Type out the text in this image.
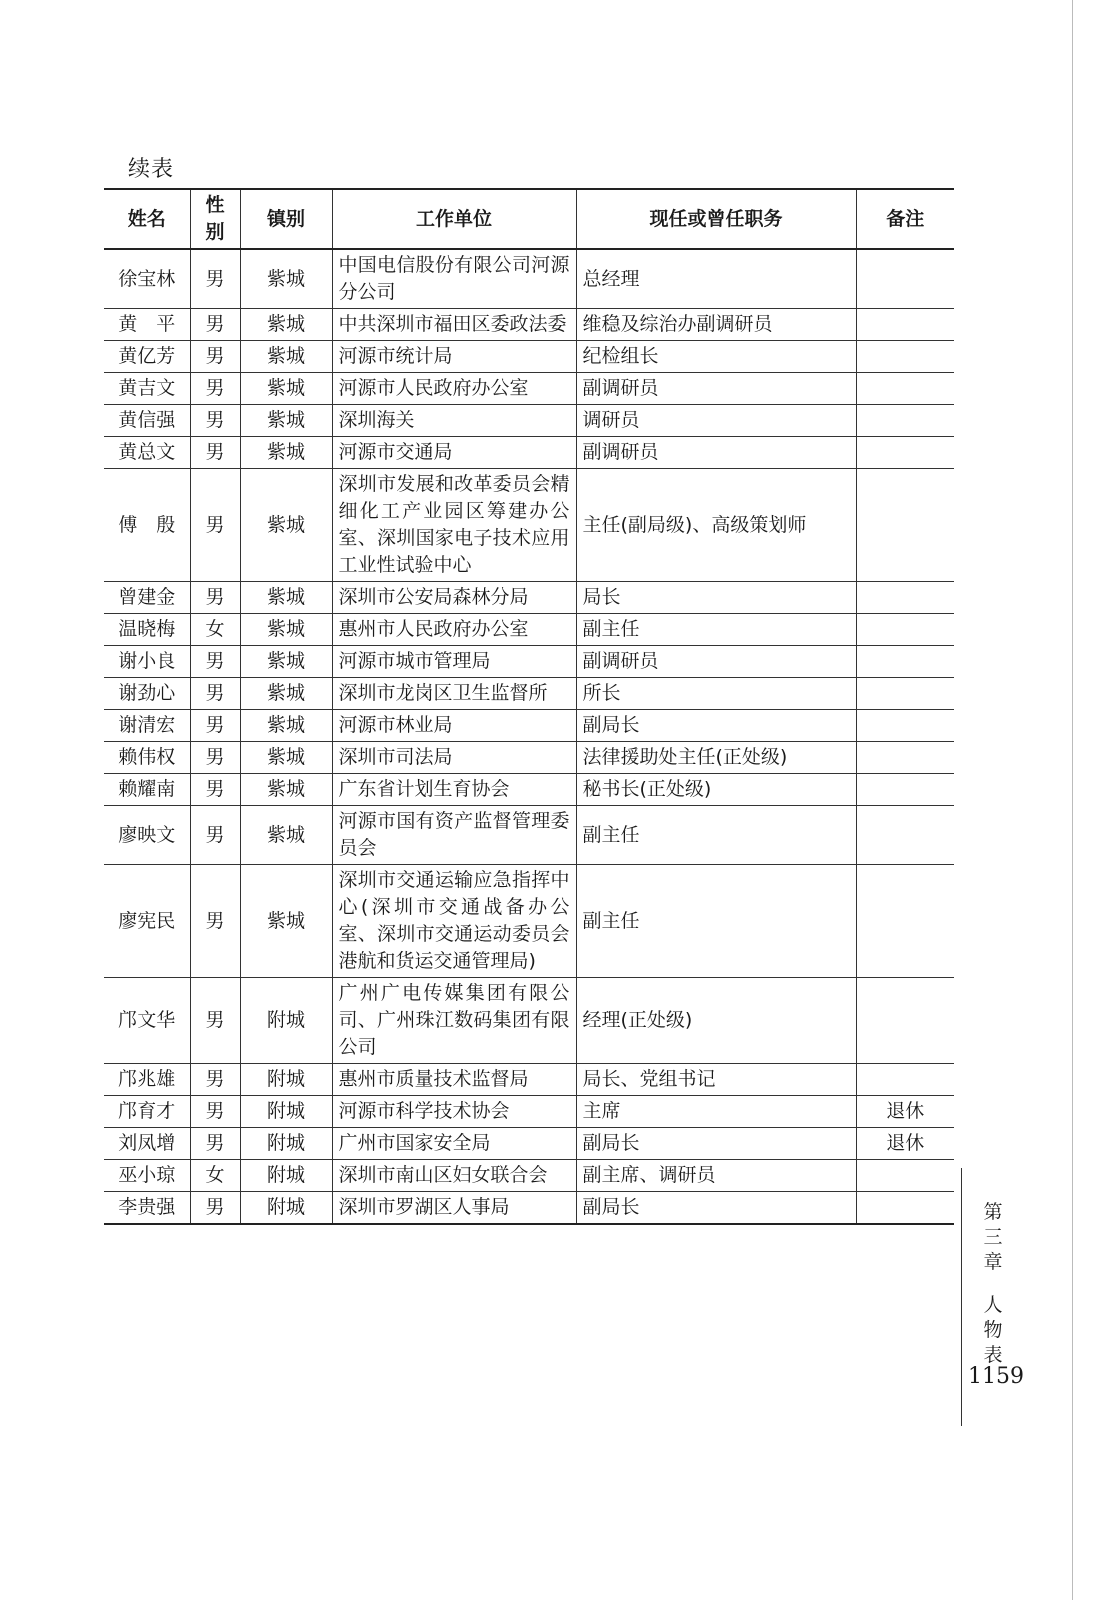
续表
姓名	性别	镇别	工作单位	现任或曾任职务	备注
徐宝林	男	紫城	中国电信股份有限公司河源分公司	总经理	
黄　平	男	紫城	中共深圳市福田区委政法委	维稳及综治办副调研员	
黄亿芳	男	紫城	河源市统计局	纪检组长	
黄吉文	男	紫城	河源市人民政府办公室	副调研员	
黄信强	男	紫城	深圳海关	调研员	
黄总文	男	紫城	河源市交通局	副调研员	
傅　殷	男	紫城	深圳市发展和改革委员会精细化工产业园区筹建办公室、深圳国家电子技术应用工业性试验中心	主任(副局级)、高级策划师	
曾建金	男	紫城	深圳市公安局森林分局	局长	
温晓梅	女	紫城	惠州市人民政府办公室	副主任	
谢小良	男	紫城	河源市城市管理局	副调研员	
谢劲心	男	紫城	深圳市龙岗区卫生监督所	所长	
谢清宏	男	紫城	河源市林业局	副局长	
赖伟权	男	紫城	深圳市司法局	法律援助处主任(正处级)	
赖耀南	男	紫城	广东省计划生育协会	秘书长(正处级)	
廖映文	男	紫城	河源市国有资产监督管理委员会	副主任	
廖宪民	男	紫城	深圳市交通运输应急指挥中心(深圳市交通战备办公室、深圳市交通运动委员会港航和货运交通管理局)	副主任	
邝文华	男	附城	广州广电传媒集团有限公司、广州珠江数码集团有限公司	经理(正处级)	
邝兆雄	男	附城	惠州市质量技术监督局	局长、党组书记	
邝育才	男	附城	河源市科学技术协会	主席	退休
刘凤增	男	附城	广州市国家安全局	副局长	退休
巫小琼	女	附城	深圳市南山区妇女联合会	副主席、调研员	
李贵强	男	附城	深圳市罗湖区人事局	副局长		第
三
章
人
物
表
1159
